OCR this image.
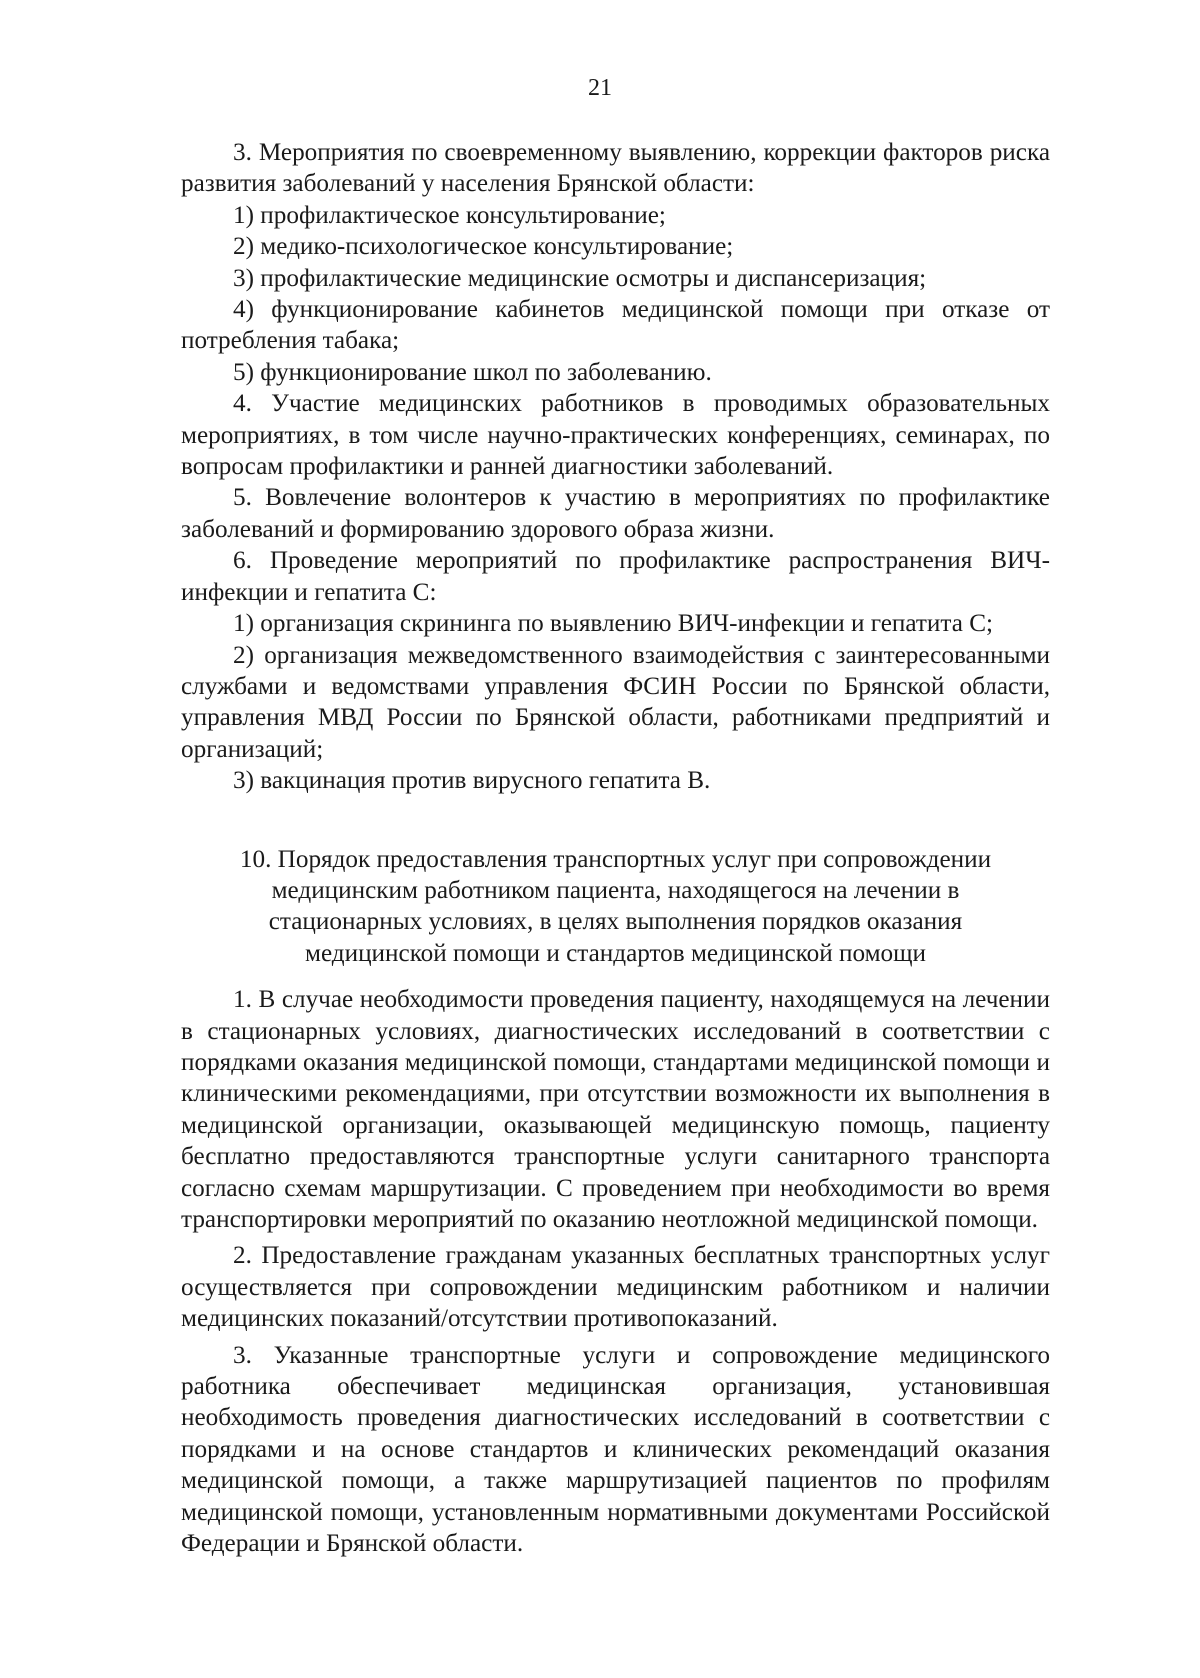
21

3. Мероприятия по своевременному выявлению, коррекции факторов риска развития заболеваний у населения Брянской области:

1) профилактическое консультирование;

2) медико-психологическое консультирование;

3) профилактические медицинские осмотры и диспансеризация;

4) функционирование кабинетов медицинской помощи при отказе от потребления табака;

5) функционирование школ по заболеванию.

4. Участие медицинских работников в проводимых образовательных мероприятиях, в том числе научно-практических конференциях, семинарах, по вопросам профилактики и ранней диагностики заболеваний.

5. Вовлечение волонтеров к участию в мероприятиях по профилактике заболеваний и формированию здорового образа жизни.

6. Проведение мероприятий по профилактике распространения ВИЧ-инфекции и гепатита С:

1) организация скрининга по выявлению ВИЧ-инфекции и гепатита С;

2) организация межведомственного взаимодействия с заинтересованными службами и ведомствами управления ФСИН России по Брянской области, управления МВД России по Брянской области, работниками предприятий и организаций;

3) вакцинация против вирусного гепатита В.

10. Порядок предоставления транспортных услуг при сопровождении медицинским работником пациента, находящегося на лечении в стационарных условиях, в целях выполнения порядков оказания медицинской помощи и стандартов медицинской помощи

1. В случае необходимости проведения пациенту, находящемуся на лечении в стационарных условиях, диагностических исследований в соответствии с порядками оказания медицинской помощи, стандартами медицинской помощи и клиническими рекомендациями, при отсутствии возможности их выполнения в медицинской организации, оказывающей медицинскую помощь, пациенту бесплатно предоставляются транспортные услуги санитарного транспорта согласно схемам маршрутизации. С проведением при необходимости во время транспортировки мероприятий по оказанию неотложной медицинской помощи.

2. Предоставление гражданам указанных бесплатных транспортных услуг осуществляется при сопровождении медицинским работником и наличии медицинских показаний/отсутствии противопоказаний.

3. Указанные транспортные услуги и сопровождение медицинского работника обеспечивает медицинская организация, установившая необходимость проведения диагностических исследований в соответствии с порядками и на основе стандартов и клинических рекомендаций оказания медицинской помощи, а также маршрутизацией пациентов по профилям медицинской помощи, установленным нормативными документами Российской Федерации и Брянской области.
